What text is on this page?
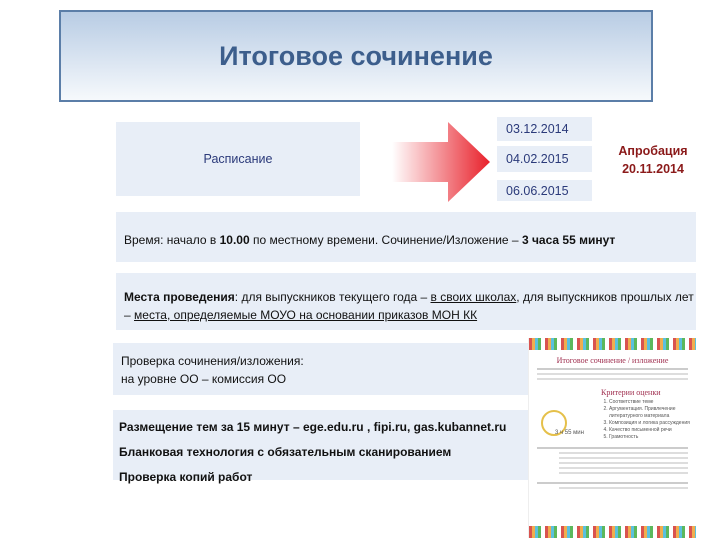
Итоговое сочинение
Расписание
03.12.2014
04.02.2015
06.06.2015
Апробация
20.11.2014
Время: начало в 10.00 по местному времени. Сочинение/Изложение – 3 часа 55 минут
Места проведения: для выпускников текущего года – в своих школах, для выпускников прошлых лет – места, определяемые МОУО на основании приказов МОН КК
Проверка сочинения/изложения:
на уровне ОО – комиссия ОО
Размещение тем за 15 минут – ege.edu.ru , fipi.ru, gas.kubannet.ru
Бланковая технология с обязательным сканированием
Проверка копий работ
Итоговое сочинение / изложение
Критерии оценки
3 ч 55 мин
1. Соответствие теме
2. Аргументация. Привлечение литературного материала
3. Композиция и логика рассуждения
4. Качество письменной речи
5. Грамотность
